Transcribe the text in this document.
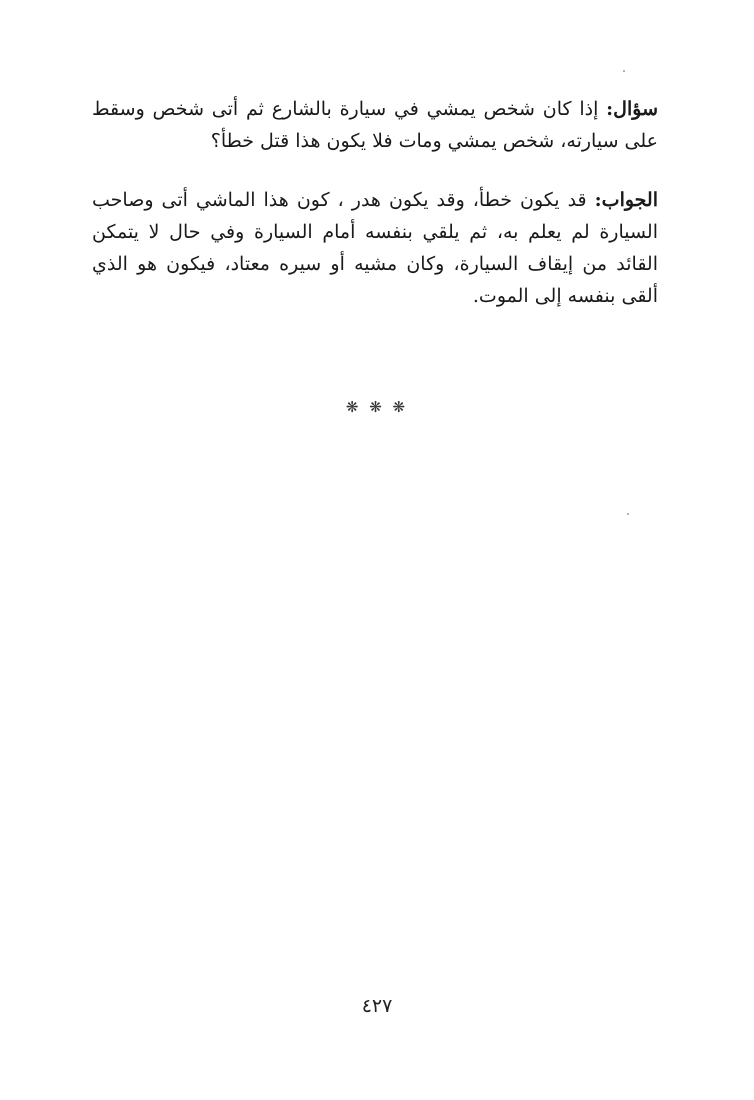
سؤال: إذا كان شخص يمشي في سيارة بالشارع ثم أتى شخص وسقط على سيارته، شخص يمشي ومات فلا يكون هذا قتل خطأ؟

الجواب: قد يكون خطأ، وقد يكون هدر ، كون هذا الماشي أتى وصاحب السيارة لم يعلم به، ثم يلقي بنفسه أمام السيارة وفي حال لا يتمكن القائد من إيقاف السيارة، وكان مشيه أو سيره معتاد، فيكون هو الذي ألقى بنفسه إلى الموت.

❋ ❋ ❋
٤٢٧
